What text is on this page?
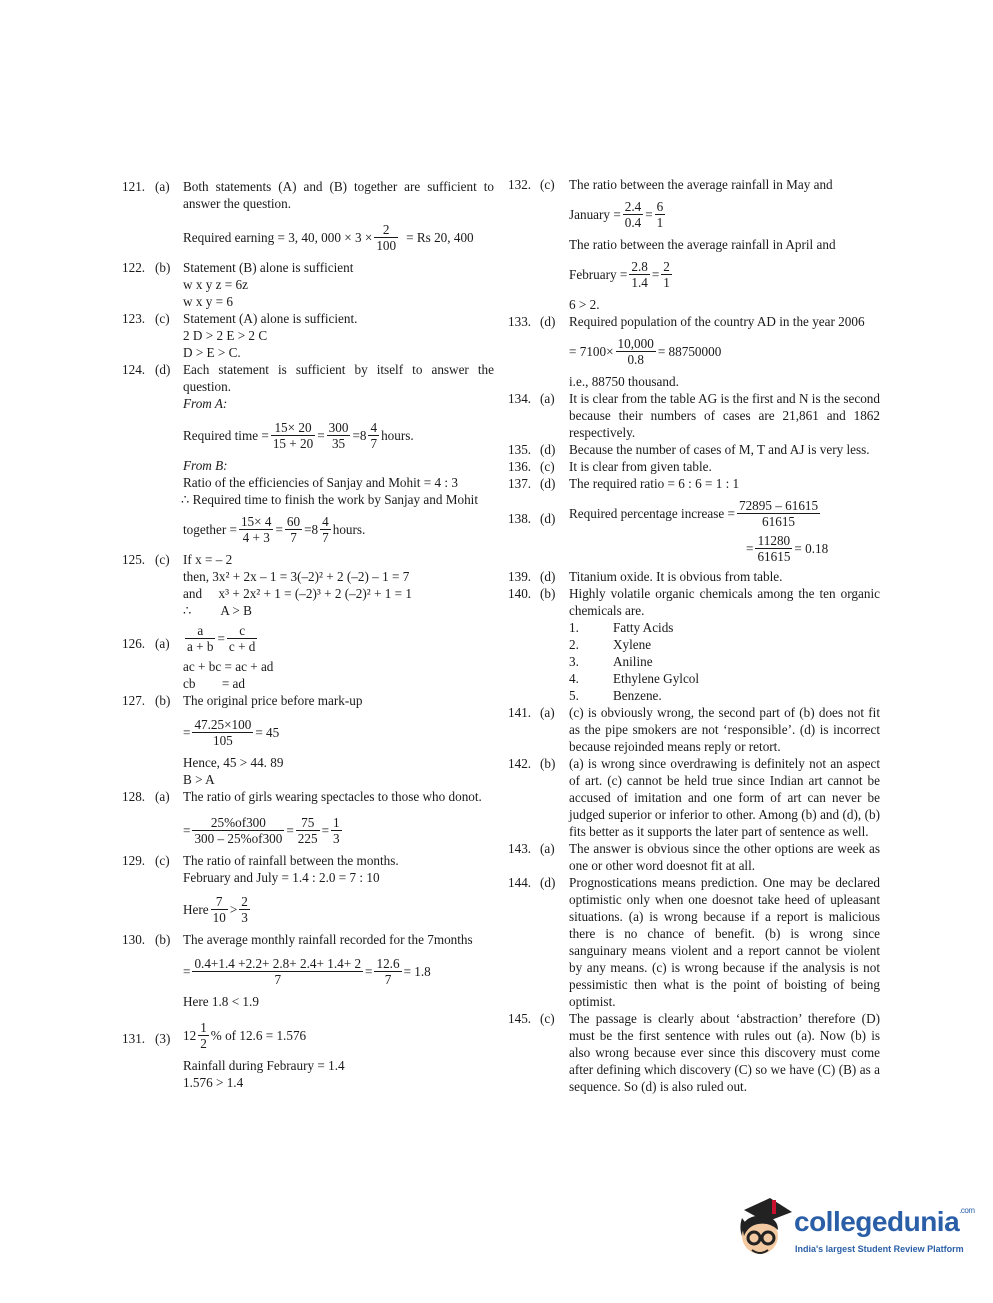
121. (a) Both statements (A) and (B) together are sufficient to answer the question.
Required earning = 3, 40, $000 \times 3 \times \frac{2}{100} = Rs$ 20, 400
122. (b) Statement (B) alone is sufficient
w x y z = 6z
w x y = 6
123. (c) Statement (A) alone is sufficient.
2 D > 2 E > 2 C
D > E > C.
124. (d) Each statement is sufficient by itself to answer the question.
From A:
Required time = $\frac{15\times 20}{15 + 20} = \frac{300}{35} = 8 \frac{4}{7}$ hours.
From B:
Ratio of the efficiencies of Sanjay and Mohit = 4 : 3
∴ Required time to finish the work by Sanjay and Mohit
together = $\frac{15\times 4}{4 + 3} = \frac{60}{7} = 8 \frac{4}{7}$ hours.
125. (c) If x = – 2
then, 3x² + 2x – 1 = 3(–2)² + 2 (–2) – 1 = 7
and     x³ + 2x² + 1 = (–2)³ + 2 (–2)² + 1 = 1
∴         A > B
126. $(a) \frac{a}{a + b} = \frac{c}{c + d}$
ac + bc = ac + ad
cb        = ad
127. (b) The original price before mark-up
= $\frac{47.25\times 100}{105} = 45$
Hence, 45 > 44. 89
B > A
128. (a) The ratio of girls wearing spectacles to those who donot.
= $\frac{25\%of300}{300 - 25\%of300} = \frac{75}{225} = \frac{1}{3}$
129. (c) The ratio of rainfall between the months.
February and July = 1.4 : 2.0 = 7 : 10
Here $\frac{7}{10} > \frac{2}{3}$
130. (b) The average monthly rainfall recorded for the 7months
= $\frac{0.4+1.4 +2.2+ 2.8+ 2.4+ 1.4+ 2}{7} = \frac{12.6}{7} = 1.8$
Here 1.8 < 1.9
131. (3) $12 \frac{1}{2}$ % of 12.6 = 1.576
Rainfall during Febraury = 1.4
1.576 > 1.4
132. (c) The ratio between the average rainfall in May and
January = $\frac{2.4}{0.4} = \frac{6}{1}$
The ratio between the average rainfall in April and
February = $\frac{2.8}{1.4} = \frac{2}{1}$
6 > 2.
133. (d) Required population of the country AD in the year 2006
= $7100\times \frac{10,000}{0.8} = 88750000$
i.e., 88750 thousand.
134. (a) It is clear from the table AG is the first and N is the second because their numbers of cases are 21,861 and 1862 respectively.
135. (d) Because the number of cases of M, T and AJ is very less.
136. (c) It is clear from given table.
137. (d) The required ratio = 6 : 6 = 1 : 1
138. (d) Required percentage increase = $\frac{72895 - 61615}{61615}$
= $\frac{11280}{61615} = 0.18$
139. (d) Titanium oxide. It is obvious from table.
140. (b) Highly volatile organic chemicals among the ten organic chemicals are.
1.	Fatty Acids
2.	Xylene
3.	Aniline
4.	Ethylene Gylcol
5.	Benzene.
141. (a) (c) is obviously wrong, the second part of (b) does not fit as the pipe smokers are not ‘responsible’. (d) is incorrect because rejoinded means reply or retort.
142. (b) (a) is wrong since overdrawing is definitely not an aspect of art. (c) cannot be held true since Indian art cannot be accused of imitation and one form of art can never be judged superior or inferior to other. Among (b) and (d), (b) fits better as it supports the later part of sentence as well.
143. (a) The answer is obvious since the other options are week as one or other word doesnot fit at all.
144. (d) Prognostications means prediction. One may be declared optimistic only when one doesnot take heed of upleasant situations. (a) is wrong because if a report is malicious there is no chance of benefit. (b) is wrong since sanguinary means violent and a report cannot be violent by any means. (c) is wrong because if the analysis is not pessimistic then what is the point of boisting of being optimist.
145. (c) The passage is clearly about ‘abstraction’ therefore (D) must be the first sentence with rules out (a). Now (b) is also wrong because ever since this discovery must come after defining which discovery (C) so we have (C) (B) as a sequence. So (d) is also ruled out.
collegedunia$^{.com}$
India's largest Student Review Platform
